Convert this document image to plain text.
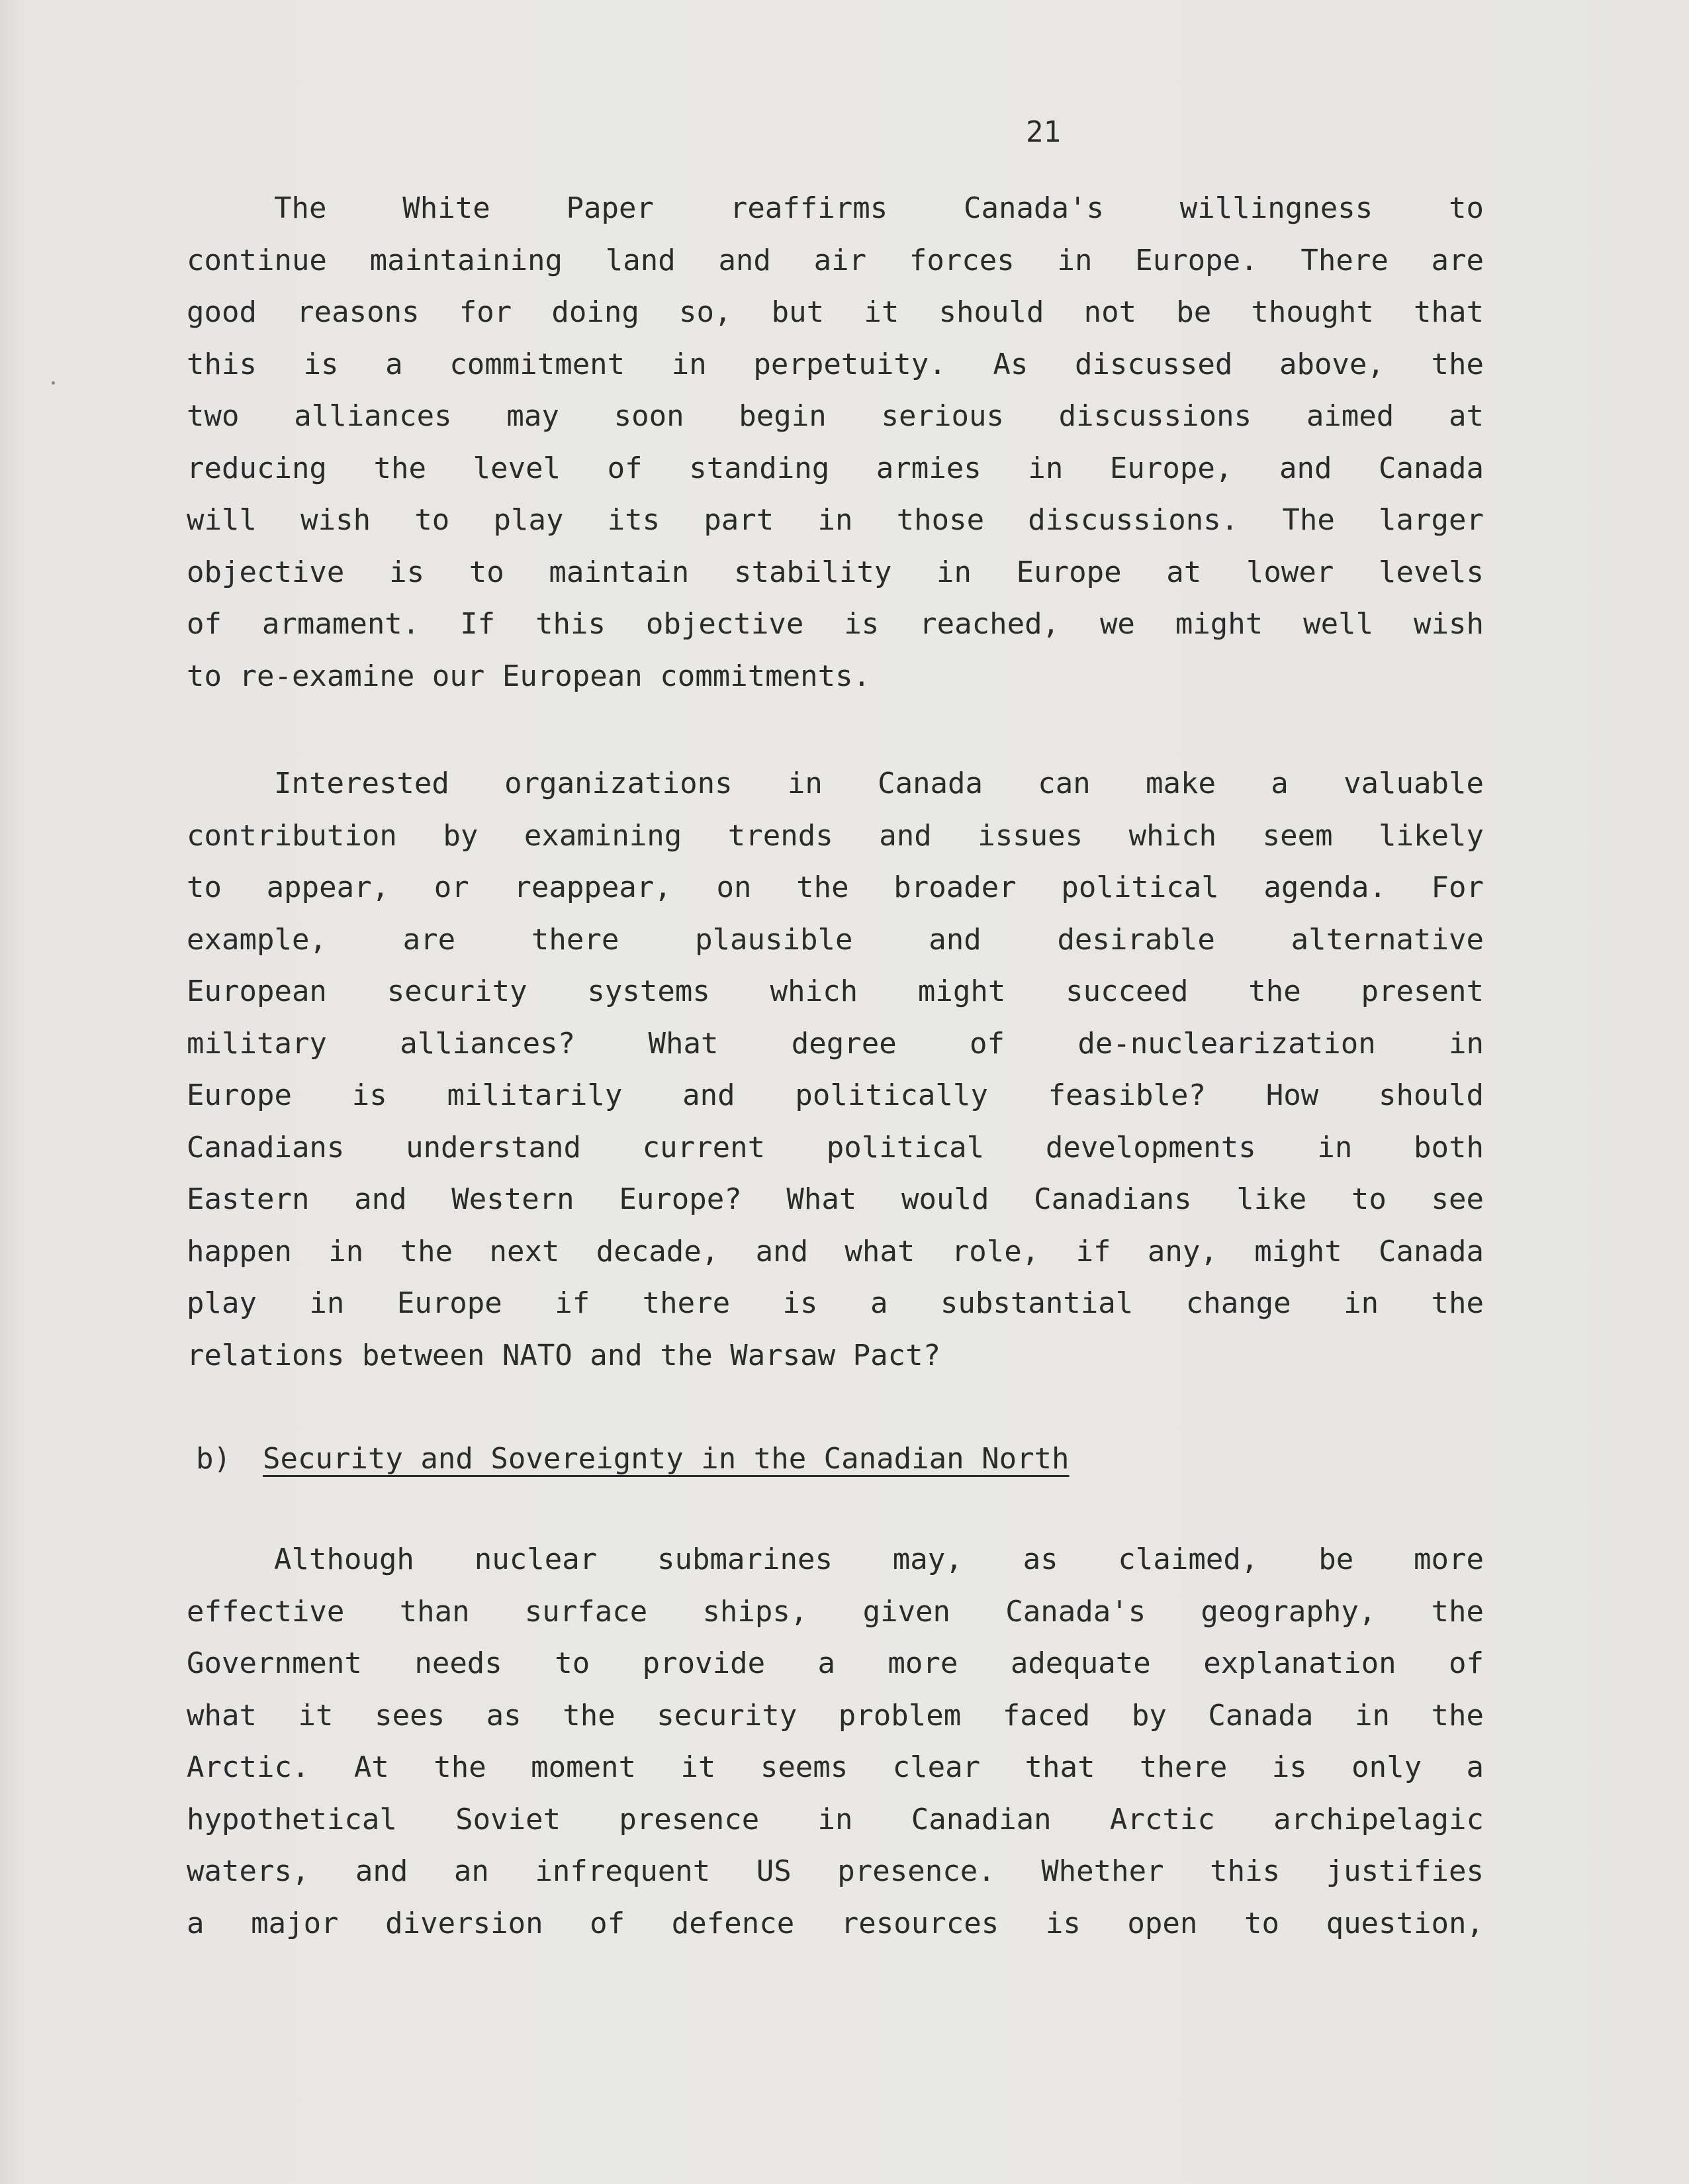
21

The White Paper reaffirms Canada's willingness to
continue maintaining land and air forces in Europe. There are
good reasons for doing so, but it should not be thought that
this is a commitment in perpetuity. As discussed above, the
two alliances may soon begin serious discussions aimed at
reducing the level of standing armies in Europe, and Canada
will wish to play its part in those discussions. The larger
objective is to maintain stability in Europe at lower levels
of armament. If this objective is reached, we might well wish
to re-examine our European commitments.

Interested organizations in Canada can make a valuable
contribution by examining trends and issues which seem likely
to appear, or reappear, on the broader political agenda. For
example, are there plausible and desirable alternative
European security systems which might succeed the present
military alliances? What degree of de-nuclearization in
Europe is militarily and politically feasible? How should
Canadians understand current political developments in both
Eastern and Western Europe? What would Canadians like to see
happen in the next decade, and what role, if any, might Canada
play in Europe if there is a substantial change in the
relations between NATO and the Warsaw Pact?

b) Security and Sovereignty in the Canadian North

Although nuclear submarines may, as claimed, be more
effective than surface ships, given Canada's geography, the
Government needs to provide a more adequate explanation of
what it sees as the security problem faced by Canada in the
Arctic. At the moment it seems clear that there is only a
hypothetical Soviet presence in Canadian Arctic archipelagic
waters, and an infrequent US presence. Whether this justifies
a major diversion of defence resources is open to question,
